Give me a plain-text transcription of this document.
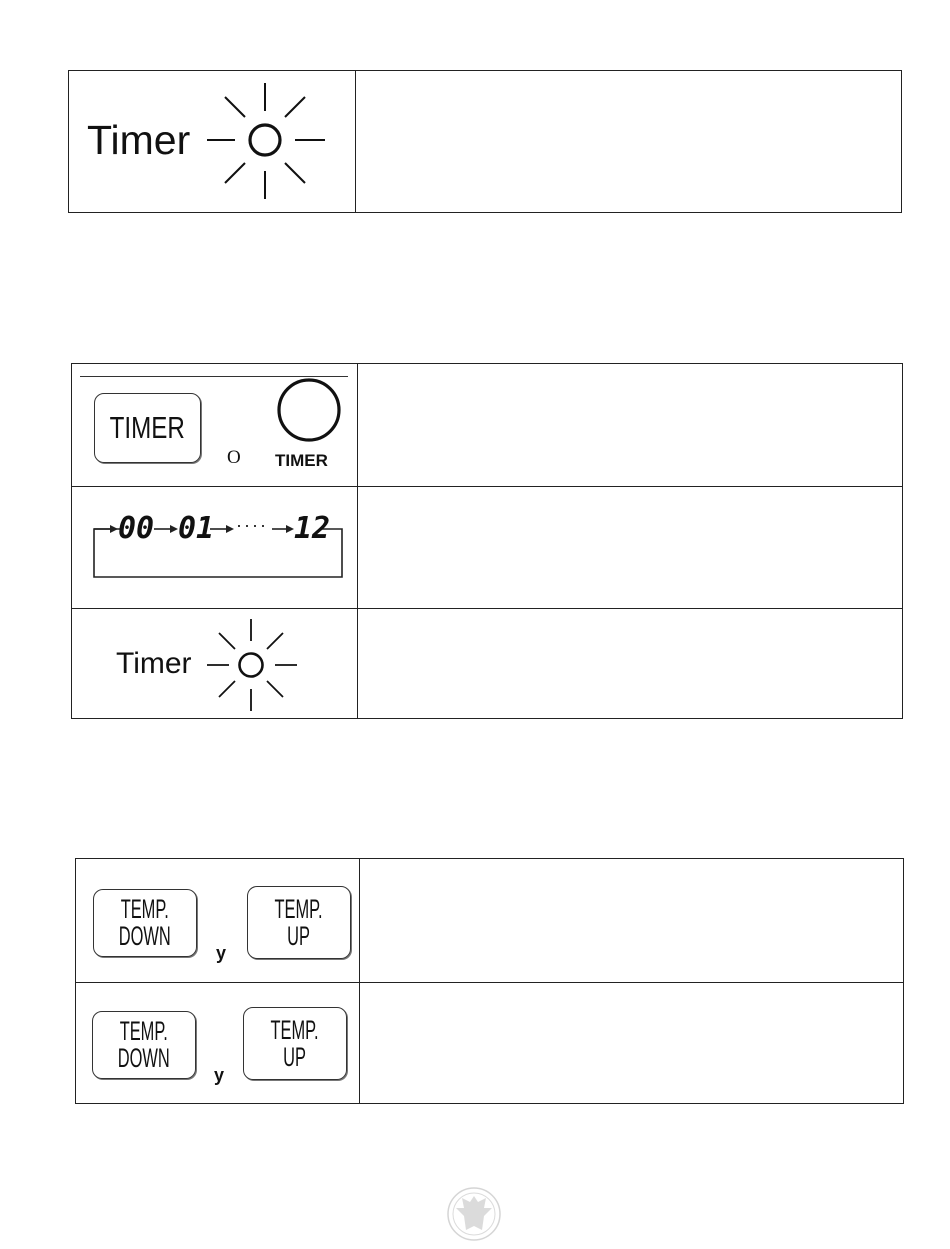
Timer
TIMER
O TIMER
00 01 ···· 12
Timer
TEMP.
DOWN
y
TEMP.
UP
TEMP.
DOWN
y
TEMP.
UP
